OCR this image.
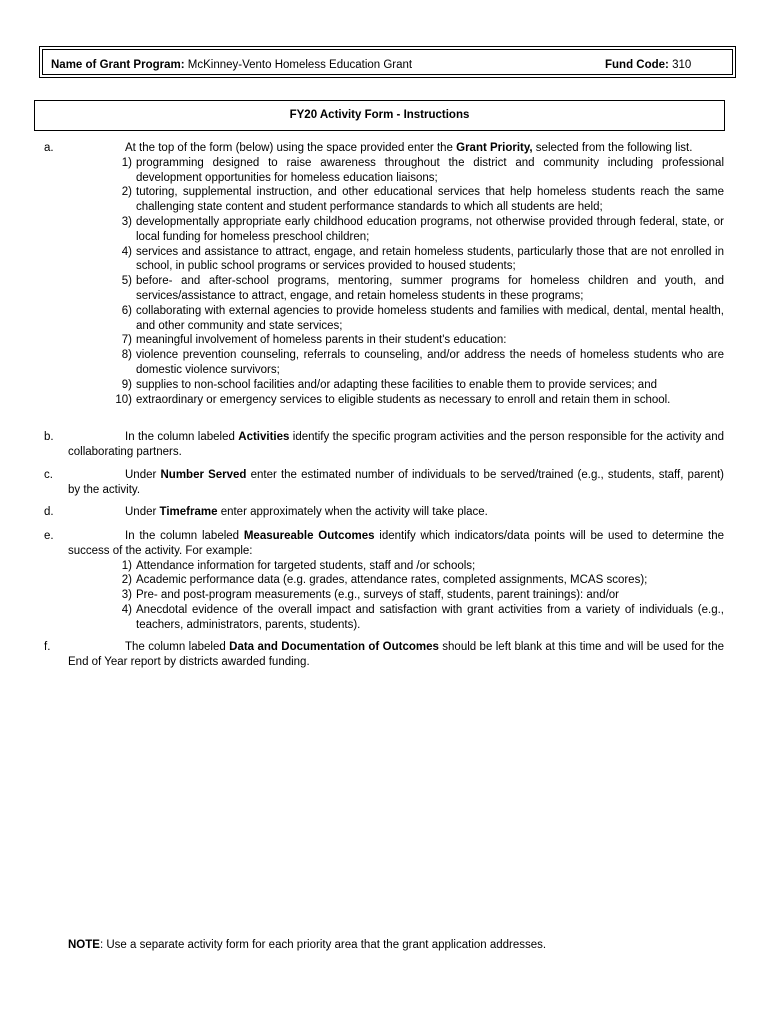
Name of Grant Program: McKinney-Vento Homeless Education Grant	Fund Code: 310
FY20 Activity Form - Instructions
a.	At the top of the form (below) using the space provided enter the Grant Priority, selected from the following list.

1) programming designed to raise awareness throughout the district and community including professional development opportunities for homeless education liaisons;
2) tutoring, supplemental instruction, and other educational services that help homeless students reach the same challenging state content and student performance standards to which all students are held;
3) developmentally appropriate early childhood education programs, not otherwise provided through federal, state, or local funding for homeless preschool children;
4) services and assistance to attract, engage, and retain homeless students, particularly those that are not enrolled in school, in public school programs or services provided to housed students;
5) before- and after-school programs, mentoring, summer programs for homeless children and youth, and services/assistance to attract, engage, and retain homeless students in these programs;
6) collaborating with external agencies to provide homeless students and families with medical, dental, mental health, and other community and state services;
7) meaningful involvement of homeless parents in their student's education:
8) violence prevention counseling, referrals to counseling, and/or address the needs of homeless students who are domestic violence survivors;
9) supplies to non-school facilities and/or adapting these facilities to enable them to provide services; and
10) extraordinary or emergency services to eligible students as necessary to enroll and retain them in school.
b.	In the column labeled Activities identify the specific program activities and the person responsible for the activity and collaborating partners.

c.	Under Number Served enter the estimated number of individuals to be served/trained (e.g., students, staff, parent) by the activity.

d.	Under Timeframe enter approximately when the activity will take place.

e.	In the column labeled Measureable Outcomes identify which indicators/data points will be used to determine the success of the activity. For example:

1) Attendance information for targeted students, staff and /or schools;
2) Academic performance data (e.g. grades, attendance rates, completed assignments, MCAS scores);
3) Pre- and post-program measurements (e.g., surveys of staff, students, parent trainings): and/or
4) Anecdotal evidence of the overall impact and satisfaction with grant activities from a variety of individuals (e.g., teachers, administrators, parents, students).
f.	The column labeled Data and Documentation of Outcomes should be left blank at this time and will be used for the End of Year report by districts awarded funding.

NOTE: Use a separate activity form for each priority area that the grant application addresses.
